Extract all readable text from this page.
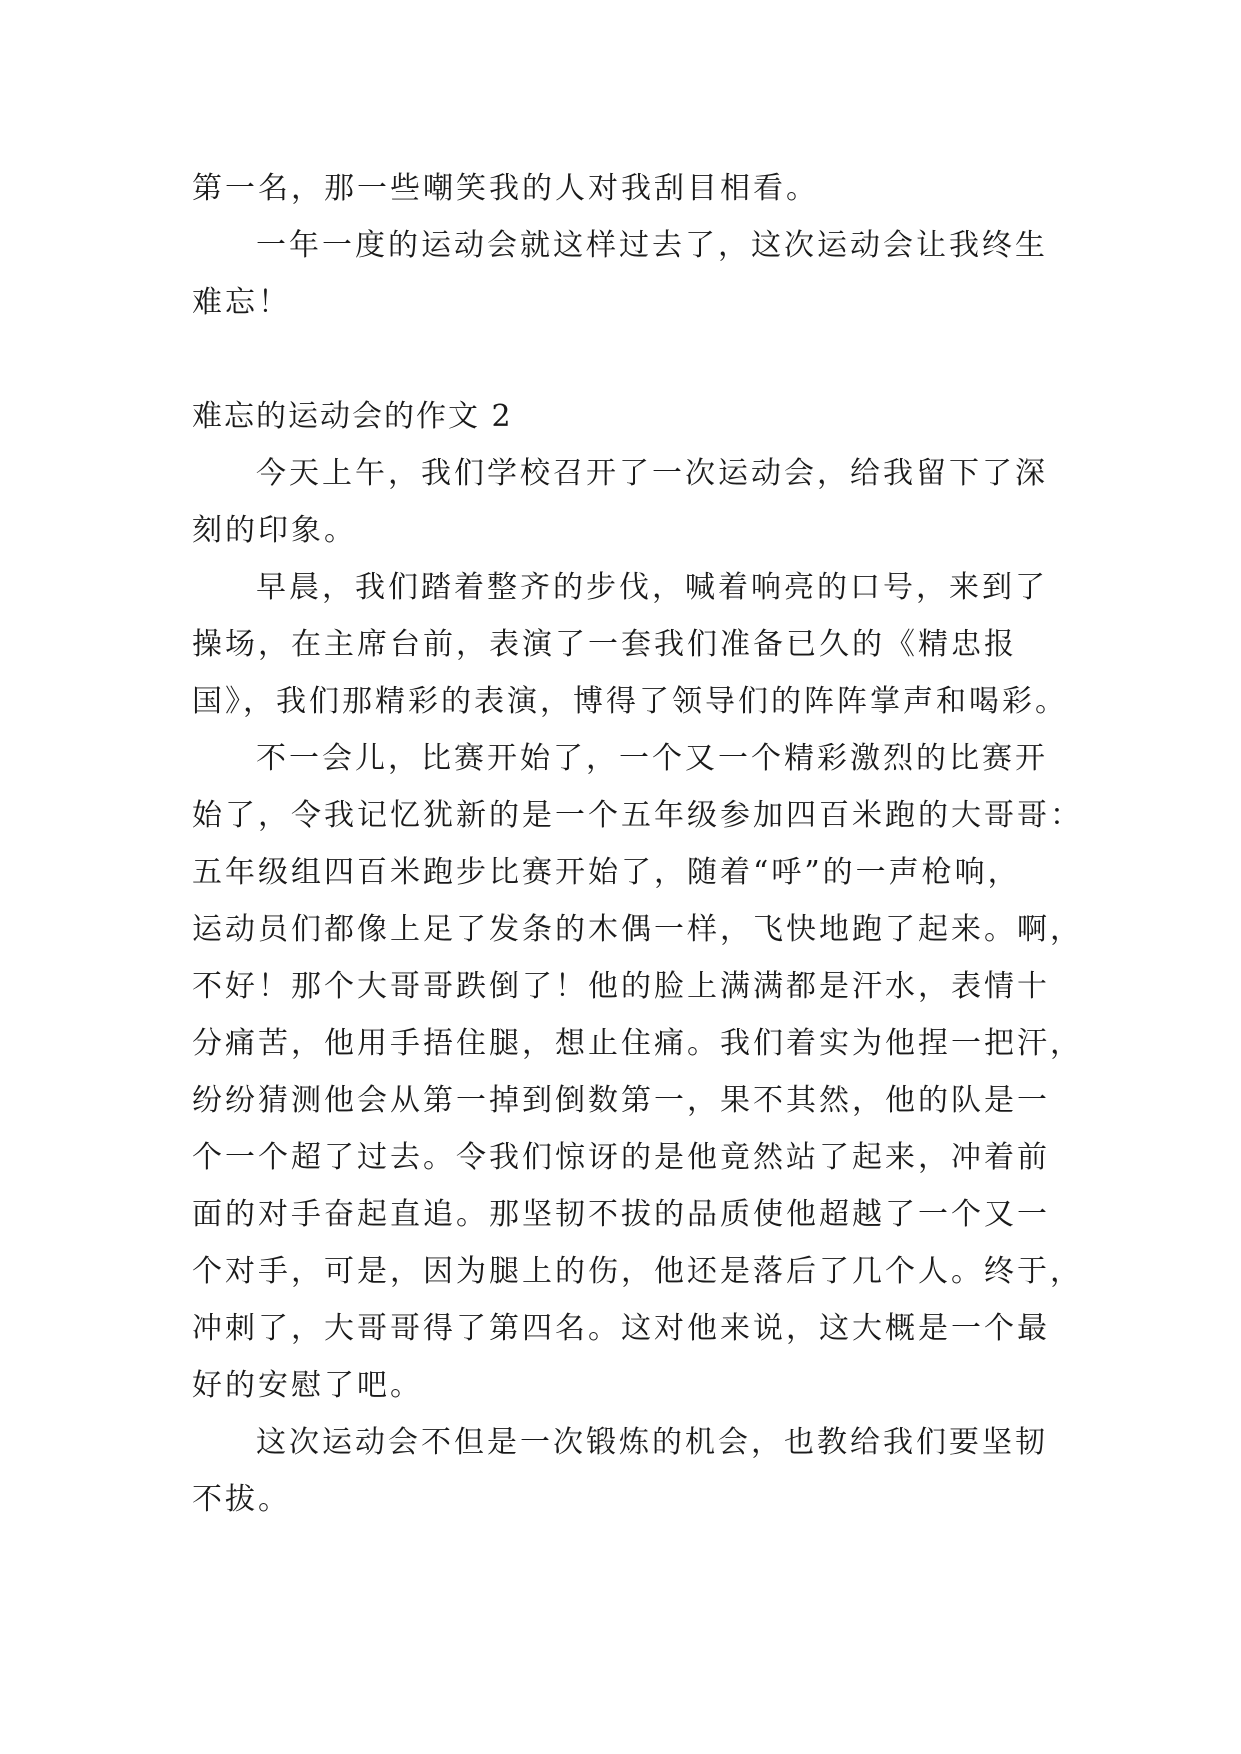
第一名，那一些嘲笑我的人对我刮目相看。
一年一度的运动会就这样过去了，这次运动会让我终生
难忘！
难忘的运动会的作文 2
今天上午，我们学校召开了一次运动会，给我留下了深
刻的印象。
早晨，我们踏着整齐的步伐，喊着响亮的口号，来到了
操场，在主席台前，表演了一套我们准备已久的《精忠报
国》，我们那精彩的表演，博得了领导们的阵阵掌声和喝彩。
不一会儿，比赛开始了，一个又一个精彩激烈的比赛开
始了，令我记忆犹新的是一个五年级参加四百米跑的大哥哥：
五年级组四百米跑步比赛开始了，随着“呼”的一声枪响，
运动员们都像上足了发条的木偶一样，飞快地跑了起来。啊，
不好！那个大哥哥跌倒了！他的脸上满满都是汗水，表情十
分痛苦，他用手捂住腿，想止住痛。我们着实为他捏一把汗，
纷纷猜测他会从第一掉到倒数第一，果不其然，他的队是一
个一个超了过去。令我们惊讶的是他竟然站了起来，冲着前
面的对手奋起直追。那坚韧不拔的品质使他超越了一个又一
个对手，可是，因为腿上的伤，他还是落后了几个人。终于，
冲刺了，大哥哥得了第四名。这对他来说，这大概是一个最
好的安慰了吧。
这次运动会不但是一次锻炼的机会，也教给我们要坚韧
不拔。
